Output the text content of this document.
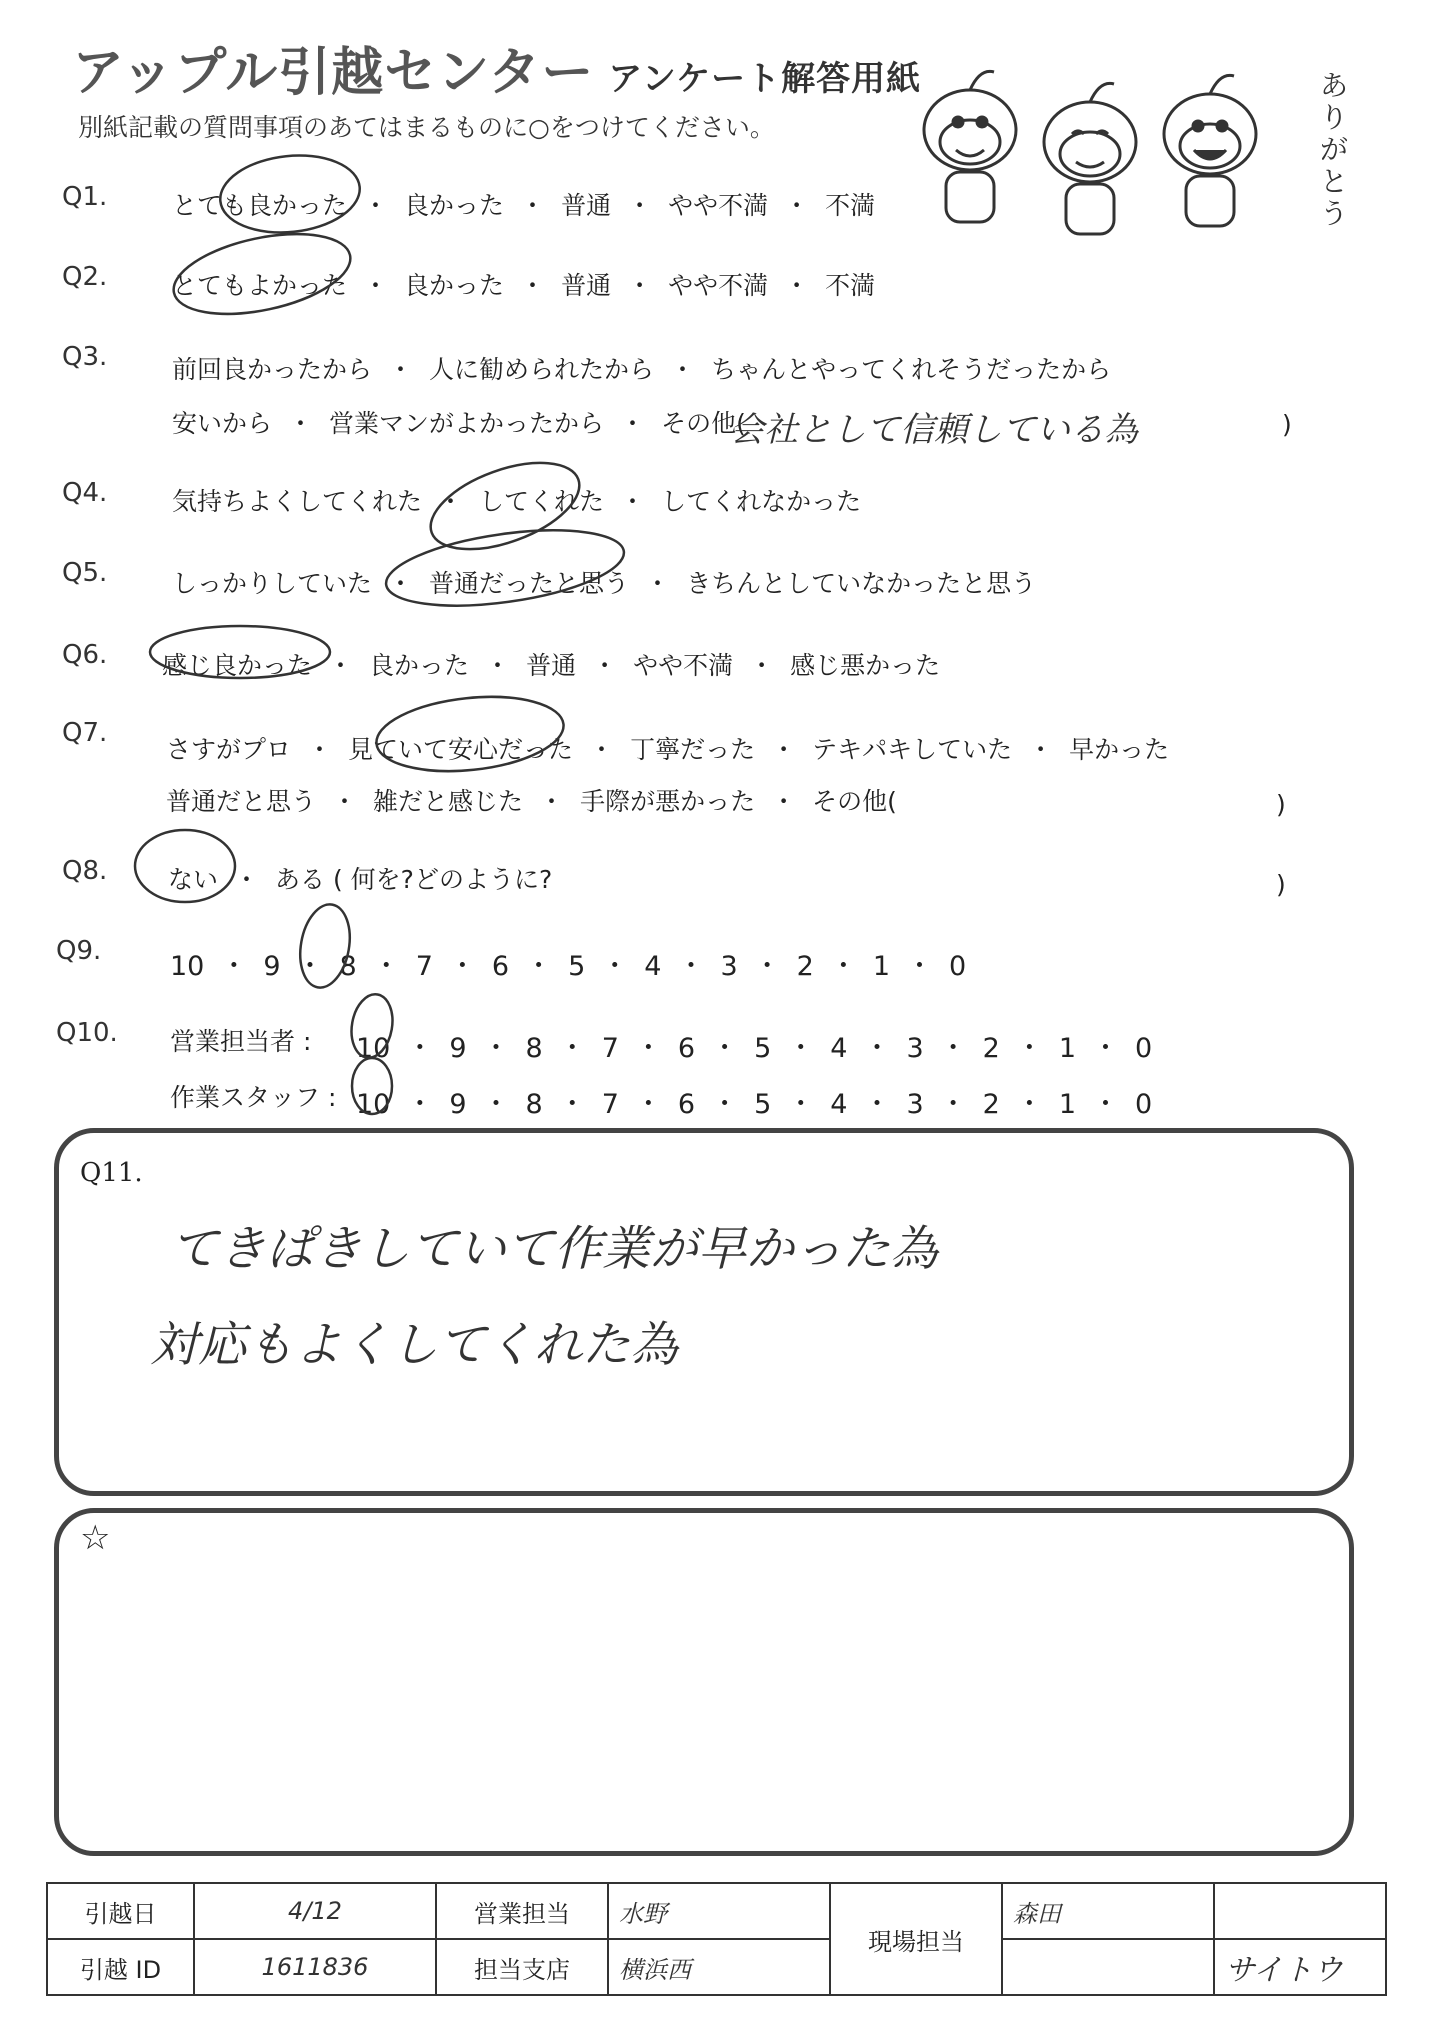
アップル引越センター アンケート解答用紙
別紙記載の質問事項のあてはまるものに○をつけてください。
ありがとう
Q1.
Q2.
Q3.
Q4.
Q5.
Q6.
Q7.
Q8.
Q9.
Q10.
とても良かった ・ 良かった ・ 普通 ・ やや不満 ・ 不満
とてもよかった ・ 良かった ・ 普通 ・ やや不満 ・ 不満
前回良かったから ・ 人に勧められたから ・ ちゃんとやってくれそうだったから
安いから ・ 営業マンがよかったから ・ その他(
気持ちよくしてくれた ・ してくれた ・ してくれなかった
しっかりしていた ・ 普通だったと思う ・ きちんとしていなかったと思う
感じ良かった ・ 良かった ・ 普通 ・ やや不満 ・ 感じ悪かった
さすがプロ ・ 見ていて安心だった ・ 丁寧だった ・ テキパキしていた ・ 早かった
普通だと思う ・ 雑だと感じた ・ 手際が悪かった ・ その他(
ない ・ ある ( 何を?どのように?
10 ・ 9 ・ 8 ・ 7 ・ 6 ・ 5 ・ 4 ・ 3 ・ 2 ・ 1 ・ 0
営業担当者 : 10 ・ 9 ・ 8 ・ 7 ・ 6 ・ 5 ・ 4 ・ 3 ・ 2 ・ 1 ・ 0
作業スタッフ : 10 ・ 9 ・ 8 ・ 7 ・ 6 ・ 5 ・ 4 ・ 3 ・ 2 ・ 1 ・ 0
)
)
)
会社として信頼している為
Q11.
てきぱきしていて作業が早かった為
対応もよくしてくれた為
☆
引越日	4/12	営業担当	水野	現場担当	森田	
引越 ID	1611836	担当支店	横浜西			サイトウ
